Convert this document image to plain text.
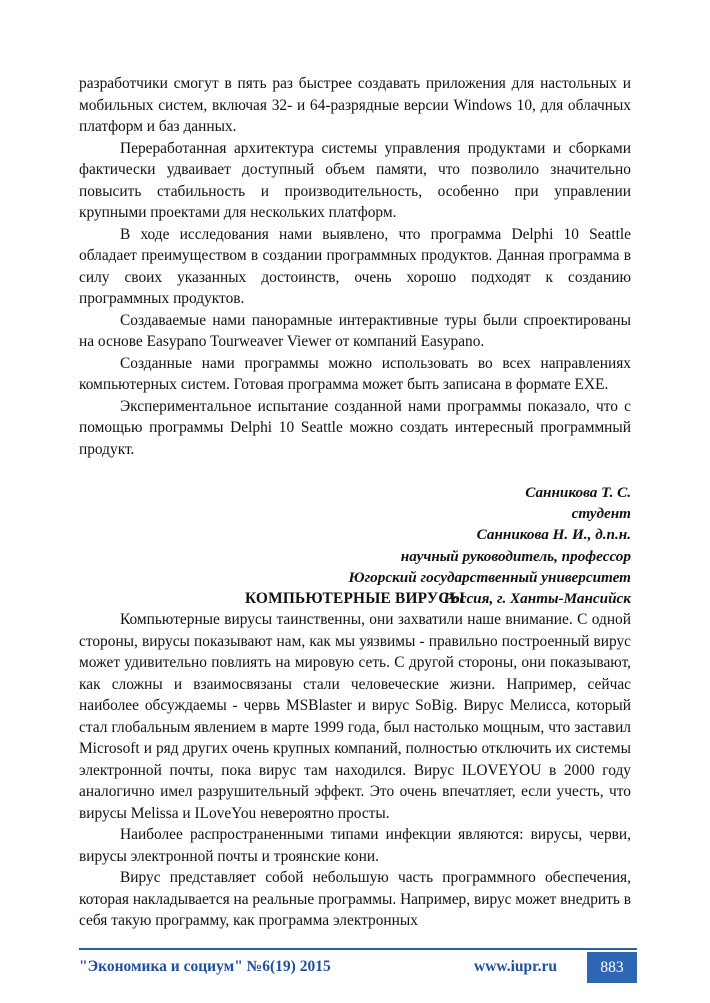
разработчики смогут в пять раз быстрее создавать приложения для настольных и мобильных систем, включая 32- и 64-разрядные версии Windows 10, для облачных платформ и баз данных.

Переработанная архитектура системы управления продуктами и сборками фактически удваивает доступный объем памяти, что позволило значительно повысить стабильность и производительность, особенно при управлении крупными проектами для нескольких платформ.

В ходе исследования нами выявлено, что программа Delphi 10 Seattle обладает преимуществом в создании программных продуктов. Данная программа в силу своих указанных достоинств, очень хорошо подходят к созданию программных продуктов.

Создаваемые нами панорамные интерактивные туры были спроектированы на основе Easypano Tourweaver Viewer от компаний Easypano.

Созданные нами программы можно использовать во всех направлениях компьютерных систем. Готовая программа может быть записана в формате EXE.

Экспериментальное испытание созданной нами программы показало, что с помощью программы Delphi 10 Seattle можно создать интересный программный продукт.

Санникова Т. С.
студент
Санникова Н. И., д.п.н.
научный руководитель, профессор
Югорский государственный университет
Россия, г. Ханты-Мансийск
КОМПЬЮТЕРНЫЕ ВИРУСЫ

Компьютерные вирусы таинственны, они захватили наше внимание. С одной стороны, вирусы показывают нам, как мы уязвимы - правильно построенный вирус может удивительно повлиять на мировую сеть. С другой стороны, они показывают, как сложны и взаимосвязаны стали человеческие жизни. Например, сейчас наиболее обсуждаемы - червь MSBlaster и вирус SoBig. Вирус Мелисса, который стал глобальным явлением в марте 1999 года, был настолько мощным, что заставил Microsoft и ряд других очень крупных компаний, полностью отключить их системы электронной почты, пока вирус там находился. Вирус ILOVEYOU в 2000 году аналогично имел разрушительный эффект. Это очень впечатляет, если учесть, что вирусы Melissa и ILoveYou невероятно просты.

Наиболее распространенными типами инфекции являются: вирусы, черви, вирусы электронной почты и троянские кони.

Вирус представляет собой небольшую часть программного обеспечения, которая накладывается на реальные программы. Например, вирус может внедрить в себя такую программу, как программа электронных

"Экономика и социум" №6(19) 2015	www.iupr.ru	883
